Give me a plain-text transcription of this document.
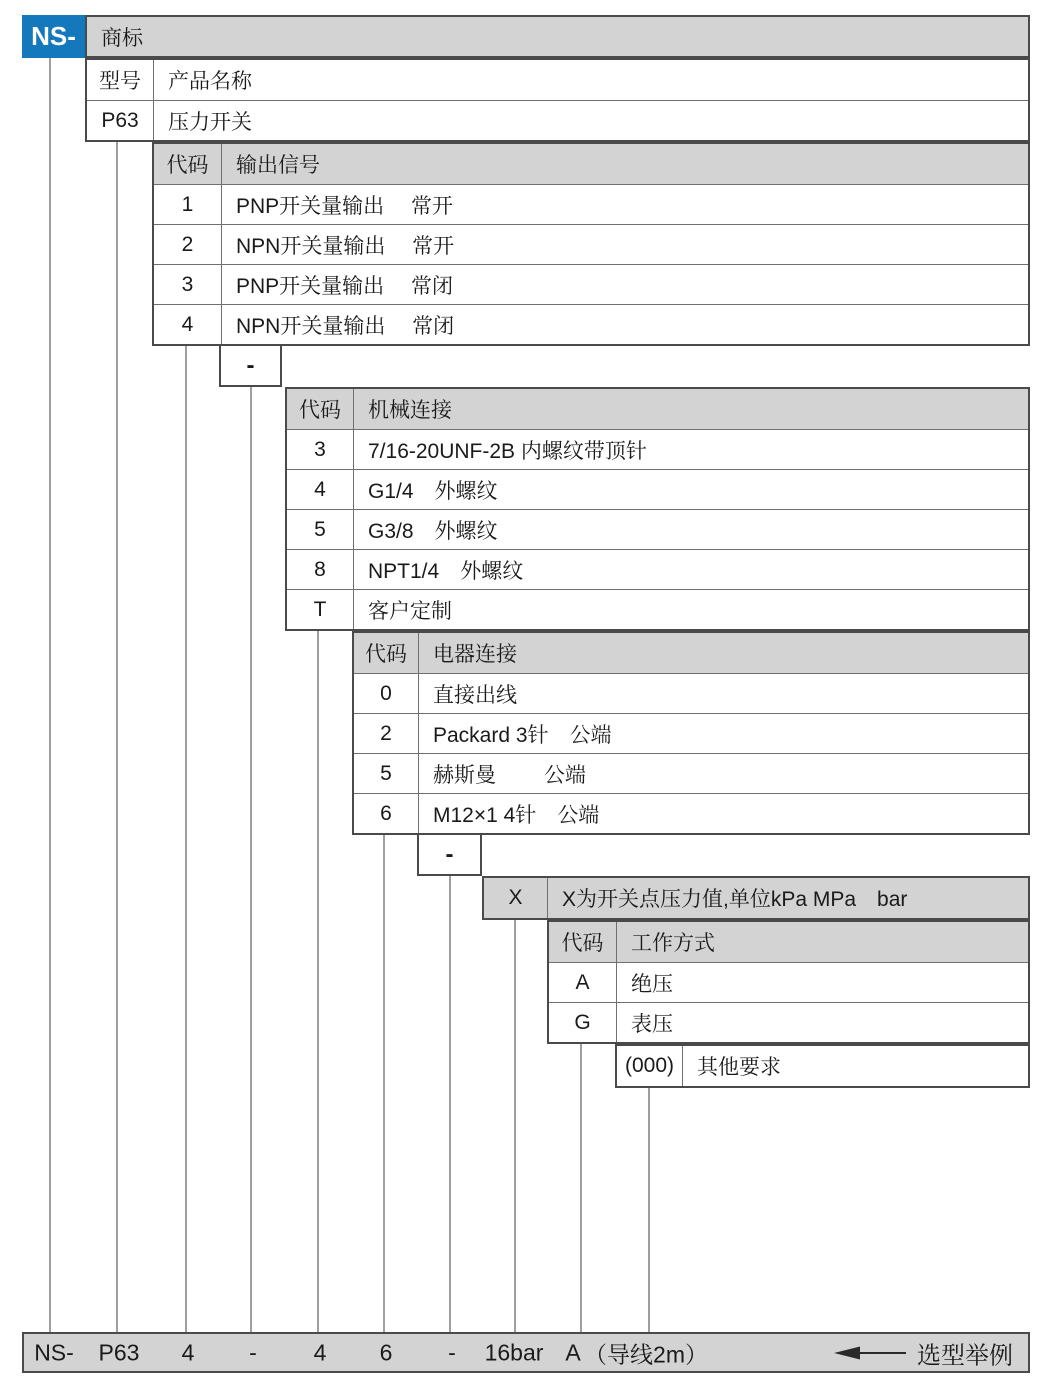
NS-	商标
型号	产品名称
P63	压力开关
代码	输出信号
1	PNP开关量输出　 常开
2	NPN开关量输出　 常开
3	PNP开关量输出　 常闭
4	NPN开关量输出　 常闭
-
代码	机械连接
3	7/16-20UNF-2B 内螺纹带顶针
4	G1/4　外螺纹
5	G3/8　外螺纹
8	NPT1/4　外螺纹
T	客户定制
代码	电器连接
0	直接出线
2	Packard 3针　公端
5	赫斯曼　　 公端
6	M12×1 4针　公端
-
X	X为开关点压力值,单位kPa MPa　bar
代码	工作方式
A	绝压
G	表压
(000)	其他要求
NS- P63 4 - 4 6 - 16bar A （导线2m）	选型举例
